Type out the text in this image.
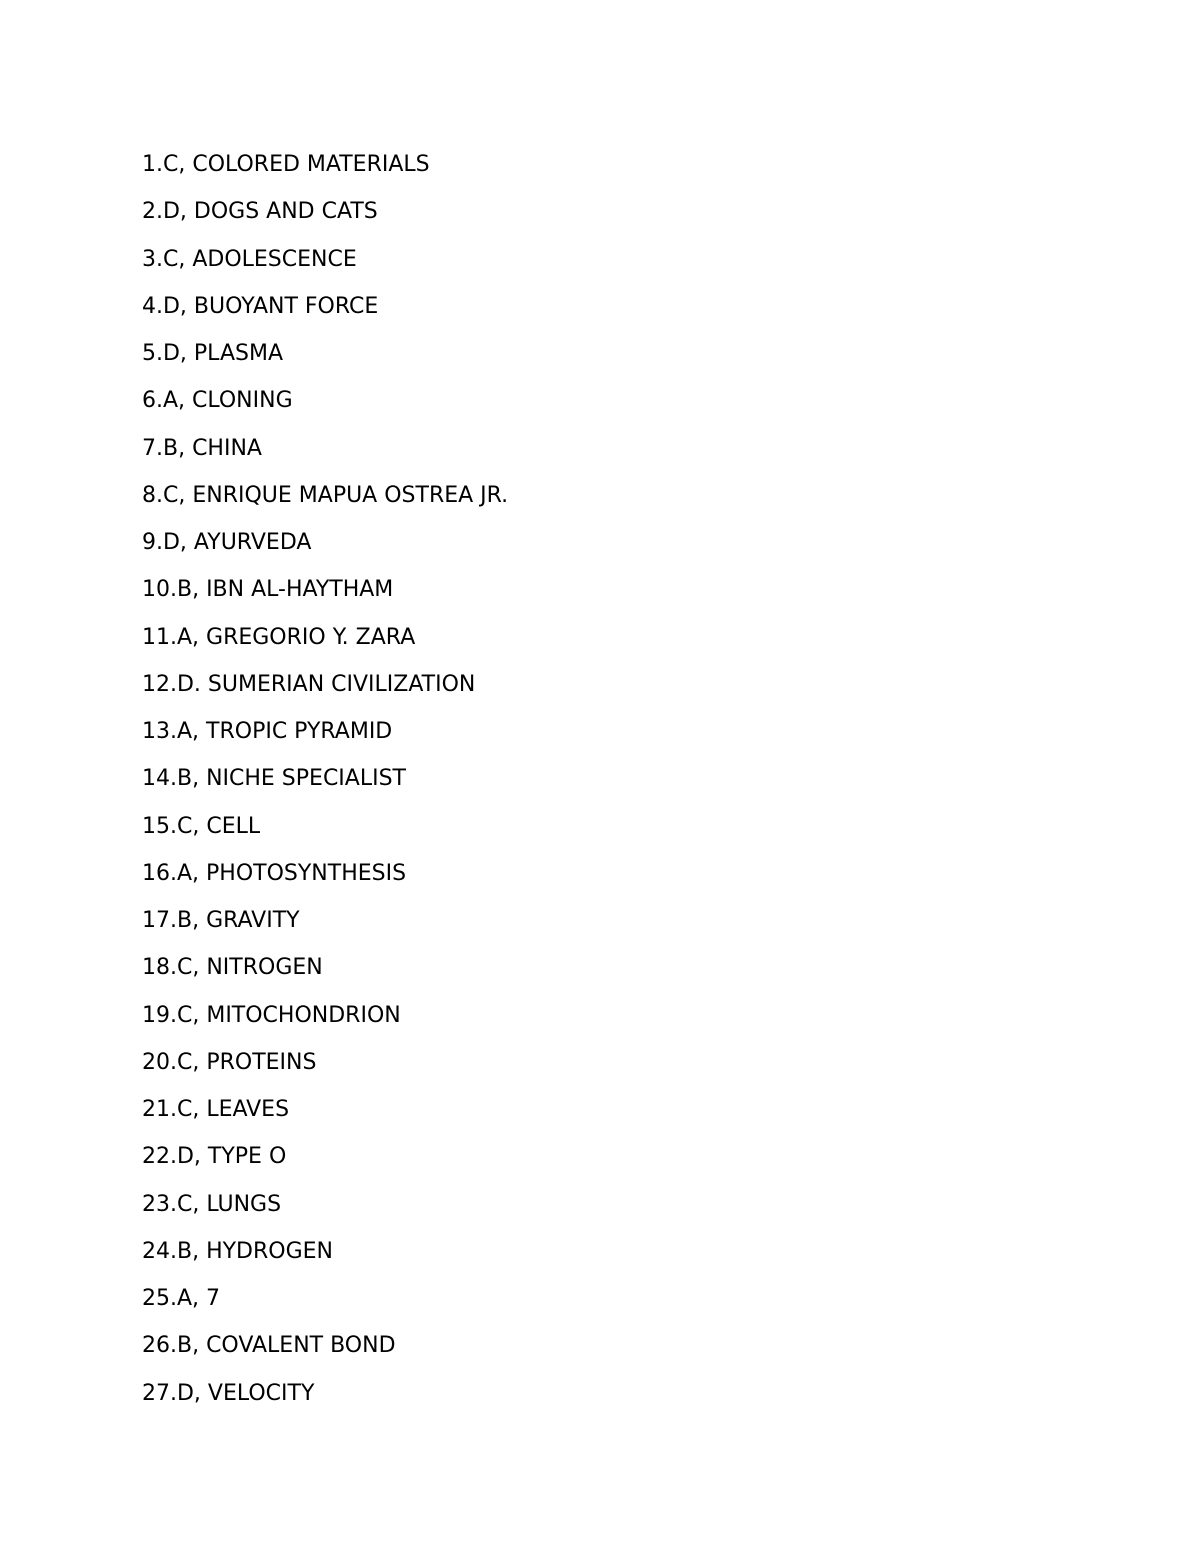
1.C, COLORED MATERIALS
2.D, DOGS AND CATS
3.C, ADOLESCENCE
4.D, BUOYANT FORCE
5.D, PLASMA
6.A, CLONING
7.B, CHINA
8.C, ENRIQUE MAPUA OSTREA JR.
9.D, AYURVEDA
10.B, IBN AL-HAYTHAM
11.A, GREGORIO Y. ZARA
12.D. SUMERIAN CIVILIZATION
13.A, TROPIC PYRAMID
14.B, NICHE SPECIALIST
15.C, CELL
16.A, PHOTOSYNTHESIS
17.B, GRAVITY
18.C, NITROGEN
19.C, MITOCHONDRION
20.C, PROTEINS
21.C, LEAVES
22.D, TYPE O
23.C, LUNGS
24.B, HYDROGEN
25.A, 7
26.B, COVALENT BOND
27.D, VELOCITY
